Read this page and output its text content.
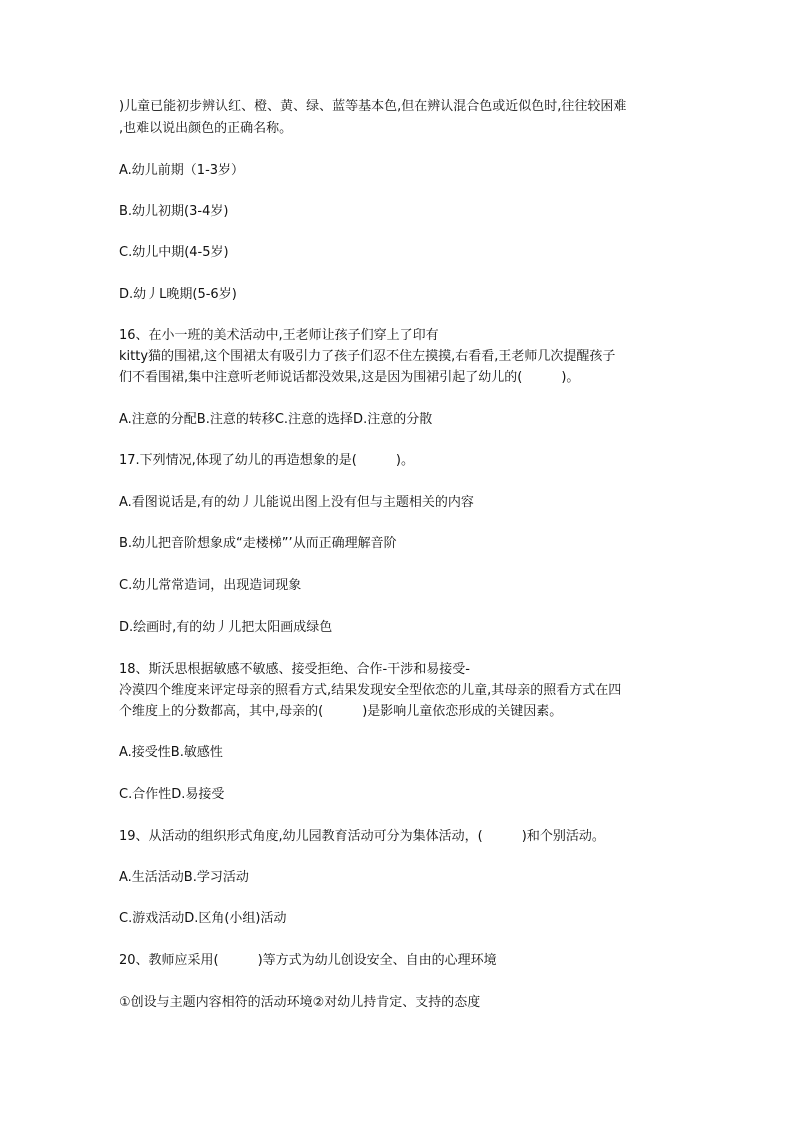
)儿童已能初步辨认红、橙、黄、绿、蓝等基本色,但在辨认混合色或近似色时,往往较困难

,也难以说出颜色的正确名称。

A.幼儿前期（1-3岁）

B.幼儿初期(3-4岁)

C.幼儿中期(4-5岁)

D.幼丿L晚期(5-6岁)

16、在小一班的美术活动中,王老师让孩子们穿上了印有

kitty猫的围裙,这个围裙太有吸引力了孩子们忍不住左摸摸,右看看,王老师几次提醒孩子

们不看围裙,集中注意听老师说话都没效果,这是因为围裙引起了幼儿的(　　　)。

A.注意的分配B.注意的转移C.注意的选择D.注意的分散

17.下列情况,体现了幼儿的再造想象的是(　　　)。

A.看图说话是,有的幼丿儿能说出图上没有但与主题相关的内容

B.幼儿把音阶想象成“走楼梯”’从而正确理解音阶

C.幼儿常常造词，出现造词现象

D.绘画时,有的幼丿儿把太阳画成绿色

18、斯沃思根据敏感不敏感、接受拒绝、合作-干涉和易接受-

冷漠四个维度来评定母亲的照看方式,结果发现安全型依恋的儿童,其母亲的照看方式在四

个维度上的分数都高，其中,母亲的(　　　)是影响儿童依恋形成的关键因素。

A.接受性B.敏感性

C.合作性D.易接受

19、从活动的组织形式角度,幼儿园教育活动可分为集体活动，(　　　)和个别活动。

A.生活活动B.学习活动

C.游戏活动D.区角(小组)活动

20、教师应采用(　　　)等方式为幼儿创设安全、自由的心理环境

①创设与主题内容相符的活动环境②对幼儿持肯定、支持的态度
